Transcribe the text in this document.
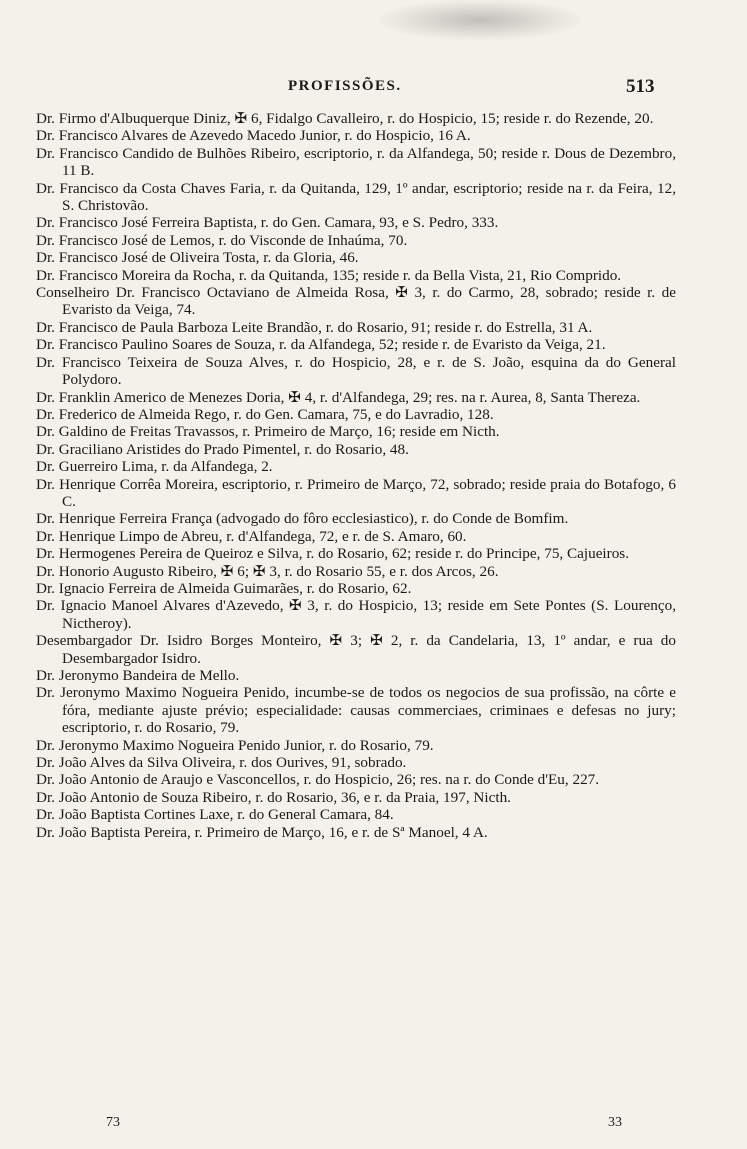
PROFISSÕES.	513
Dr. Firmo d'Albuquerque Diniz, ✠ 6, Fidalgo Cavalleiro, r. do Hospicio, 15; reside r. do Rezende, 20.
Dr. Francisco Alvares de Azevedo Macedo Junior, r. do Hospicio, 16 A.
Dr. Francisco Candido de Bulhões Ribeiro, escriptorio, r. da Alfandega, 50; reside r. Dous de Dezembro, 11 B.
Dr. Francisco da Costa Chaves Faria, r. da Quitanda, 129, 1º andar, escriptorio; reside na r. da Feira, 12, S. Christovão.
Dr. Francisco José Ferreira Baptista, r. do Gen. Camara, 93, e S. Pedro, 333.
Dr. Francisco José de Lemos, r. do Visconde de Inhaúma, 70.
Dr. Francisco José de Oliveira Tosta, r. da Gloria, 46.
Dr. Francisco Moreira da Rocha, r. da Quitanda, 135; reside r. da Bella Vista, 21, Rio Comprido.
Conselheiro Dr. Francisco Octaviano de Almeida Rosa, ✠ 3, r. do Carmo, 28, sobrado; reside r. de Evaristo da Veiga, 74.
Dr. Francisco de Paula Barboza Leite Brandão, r. do Rosario, 91; reside r. do Estrella, 31 A.
Dr. Francisco Paulino Soares de Souza, r. da Alfandega, 52; reside r. de Evaristo da Veiga, 21.
Dr. Francisco Teixeira de Souza Alves, r. do Hospicio, 28, e r. de S. João, esquina da do General Polydoro.
Dr. Franklin Americo de Menezes Doria, ✠ 4, r. d'Alfandega, 29; res. na r. Aurea, 8, Santa Thereza.
Dr. Frederico de Almeida Rego, r. do Gen. Camara, 75, e do Lavradio, 128.
Dr. Galdino de Freitas Travassos, r. Primeiro de Março, 16; reside em Nicth.
Dr. Graciliano Aristides do Prado Pimentel, r. do Rosario, 48.
Dr. Guerreiro Lima, r. da Alfandega, 2.
Dr. Henrique Corrêa Moreira, escriptorio, r. Primeiro de Março, 72, sobrado; reside praia do Botafogo, 6 C.
Dr. Henrique Ferreira França (advogado do fôro ecclesiastico), r. do Conde de Bomfim.
Dr. Henrique Limpo de Abreu, r. d'Alfandega, 72, e r. de S. Amaro, 60.
Dr. Hermogenes Pereira de Queiroz e Silva, r. do Rosario, 62; reside r. do Principe, 75, Cajueiros.
Dr. Honorio Augusto Ribeiro, ✠ 6; ✠ 3, r. do Rosario 55, e r. dos Arcos, 26.
Dr. Ignacio Ferreira de Almeida Guimarães, r. do Rosario, 62.
Dr. Ignacio Manoel Alvares d'Azevedo, ✠ 3, r. do Hospicio, 13; reside em Sete Pontes (S. Lourenço, Nictheroy).
Desembargador Dr. Isidro Borges Monteiro, ✠ 3; ✠ 2, r. da Candelaria, 13, 1º andar, e rua do Desembargador Isidro.
Dr. Jeronymo Bandeira de Mello.
Dr. Jeronymo Maximo Nogueira Penido, incumbe-se de todos os negocios de sua profissão, na côrte e fóra, mediante ajuste prévio; especialidade: causas commerciaes, criminaes e defesas no jury; escriptorio, r. do Rosario, 79.
Dr. Jeronymo Maximo Nogueira Penido Junior, r. do Rosario, 79.
Dr. João Alves da Silva Oliveira, r. dos Ourives, 91, sobrado.
Dr. João Antonio de Araujo e Vasconcellos, r. do Hospicio, 26; res. na r. do Conde d'Eu, 227.
Dr. João Antonio de Souza Ribeiro, r. do Rosario, 36, e r. da Praia, 197, Nicth.
Dr. João Baptista Cortines Laxe, r. do General Camara, 84.
Dr. João Baptista Pereira, r. Primeiro de Março, 16, e r. de Sª Manoel, 4 A.
73	33
